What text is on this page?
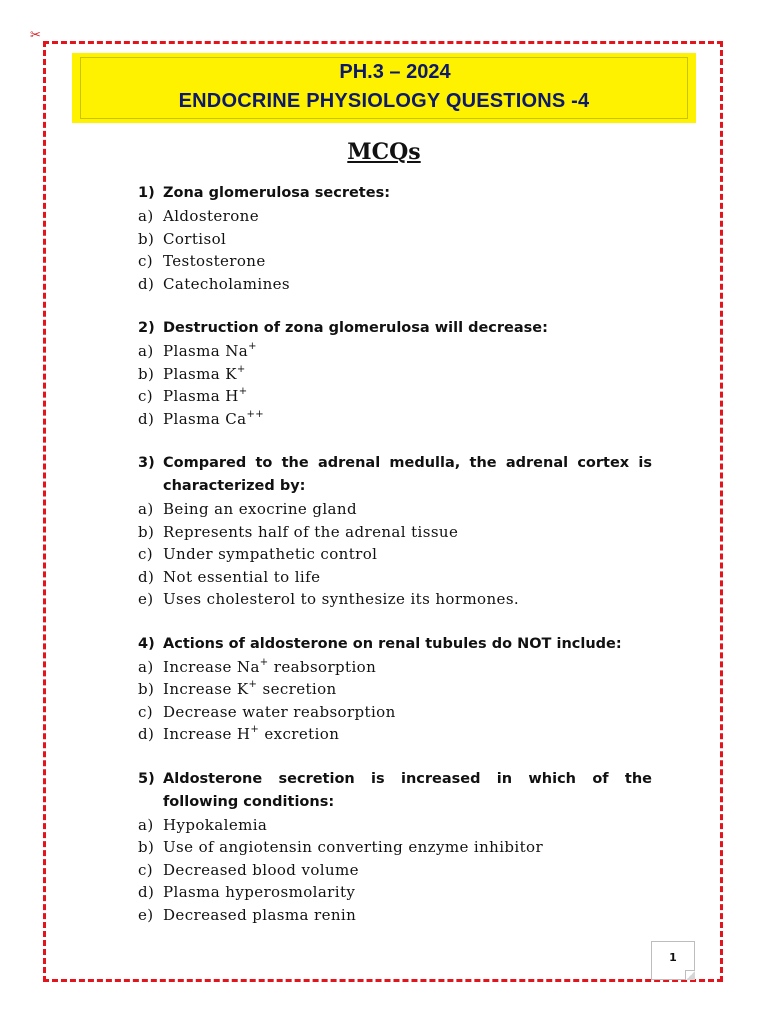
✂
PH.3 – 2024
ENDOCRINE PHYSIOLOGY QUESTIONS -4
MCQs
1) Zona glomerulosa secretes:
a) Aldosterone
b) Cortisol
c) Testosterone
d) Catecholamines
2) Destruction of zona glomerulosa will decrease:
a) Plasma Na+
b) Plasma K+
c) Plasma H+
d) Plasma Ca++
3) Compared to the adrenal medulla, the adrenal cortex is characterized by:
a) Being an exocrine gland
b) Represents half of the adrenal tissue
c) Under sympathetic control
d) Not essential to life
e) Uses cholesterol to synthesize its hormones.
4) Actions of aldosterone on renal tubules do NOT include:
a) Increase Na+ reabsorption
b) Increase K+ secretion
c) Decrease water reabsorption
d) Increase H+ excretion
5) Aldosterone secretion is increased in which of the following conditions:
a) Hypokalemia
b) Use of angiotensin converting enzyme inhibitor
c) Decreased blood volume
d) Plasma hyperosmolarity
e) Decreased plasma renin
1
